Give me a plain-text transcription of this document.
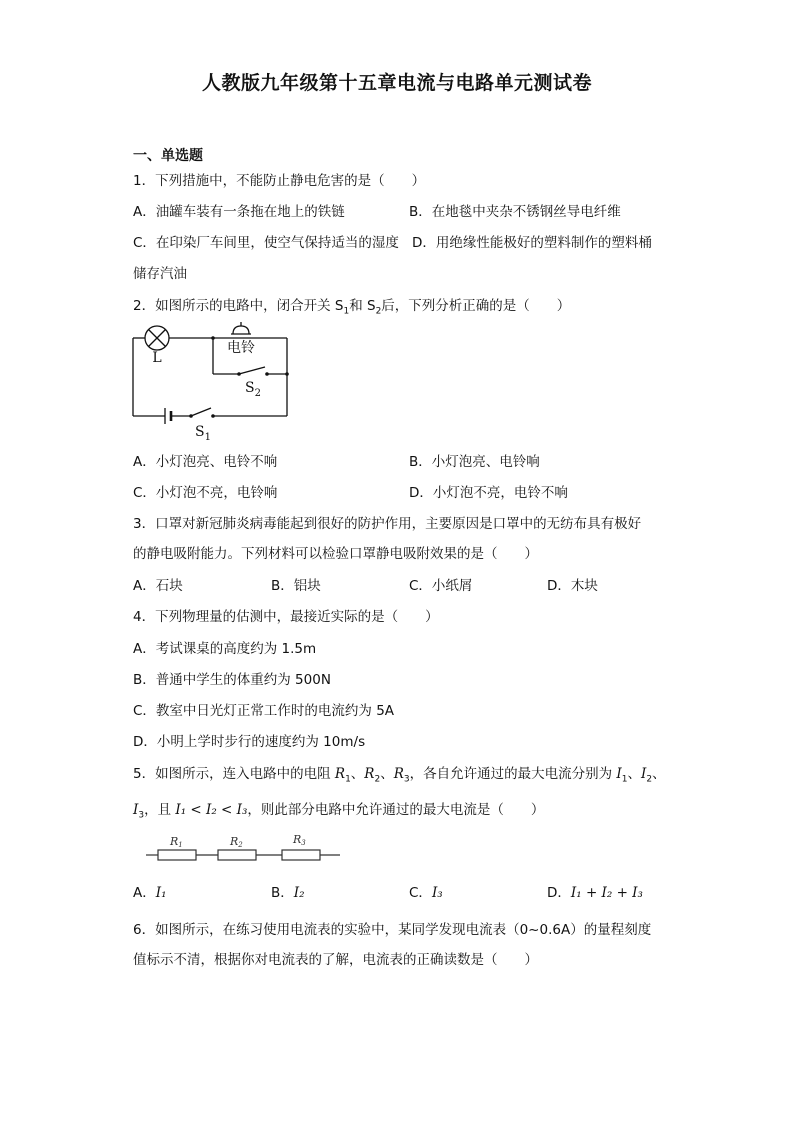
人教版九年级第十五章电流与电路单元测试卷
一、单选题
1．下列措施中，不能防止静电危害的是（　　）
A．油罐车装有一条拖在地上的铁链	B．在地毯中夹杂不锈钢丝导电纤维
C．在印染厂车间里，使空气保持适当的湿度 D．用绝缘性能极好的塑料制作的塑料桶
储存汽油
2．如图所示的电路中，闭合开关 $S_1$和 $S_2$后，下列分析正确的是（　　）
L
电铃
$S_2$
$S_1$
A．小灯泡亮、电铃不响	B．小灯泡亮、电铃响
C．小灯泡不亮，电铃响	D．小灯泡不亮，电铃不响
3．口罩对新冠肺炎病毒能起到很好的防护作用，主要原因是口罩中的无纺布具有极好
的静电吸附能力。下列材料可以检验口罩静电吸附效果的是（　　）
A．石块	B．铝块	C．小纸屑	D．木块
4．下列物理量的估测中，最接近实际的是（　　）
A．考试课桌的高度约为 1.5m
B．普通中学生的体重约为 500N
C．教室中日光灯正常工作时的电流约为 5A
D．小明上学时步行的速度约为 10m/s
5．如图所示，连入电路中的电阻 $R_1$、$R_2$、$R_3$，各自允许通过的最大电流分别为 $I_1$、$I_2$、
$I_3$，且 I₁ < I₂ < I₃，则此部分电路中允许通过的最大电流是（　　）
R1	R2	R3
A．I₁	B．I₂	C．I₃	D．I₁ + I₂ + I₃
6．如图所示，在练习使用电流表的实验中，某同学发现电流表（0~0.6A）的量程刻度
值标示不清，根据你对电流表的了解，电流表的正确读数是（　　）
